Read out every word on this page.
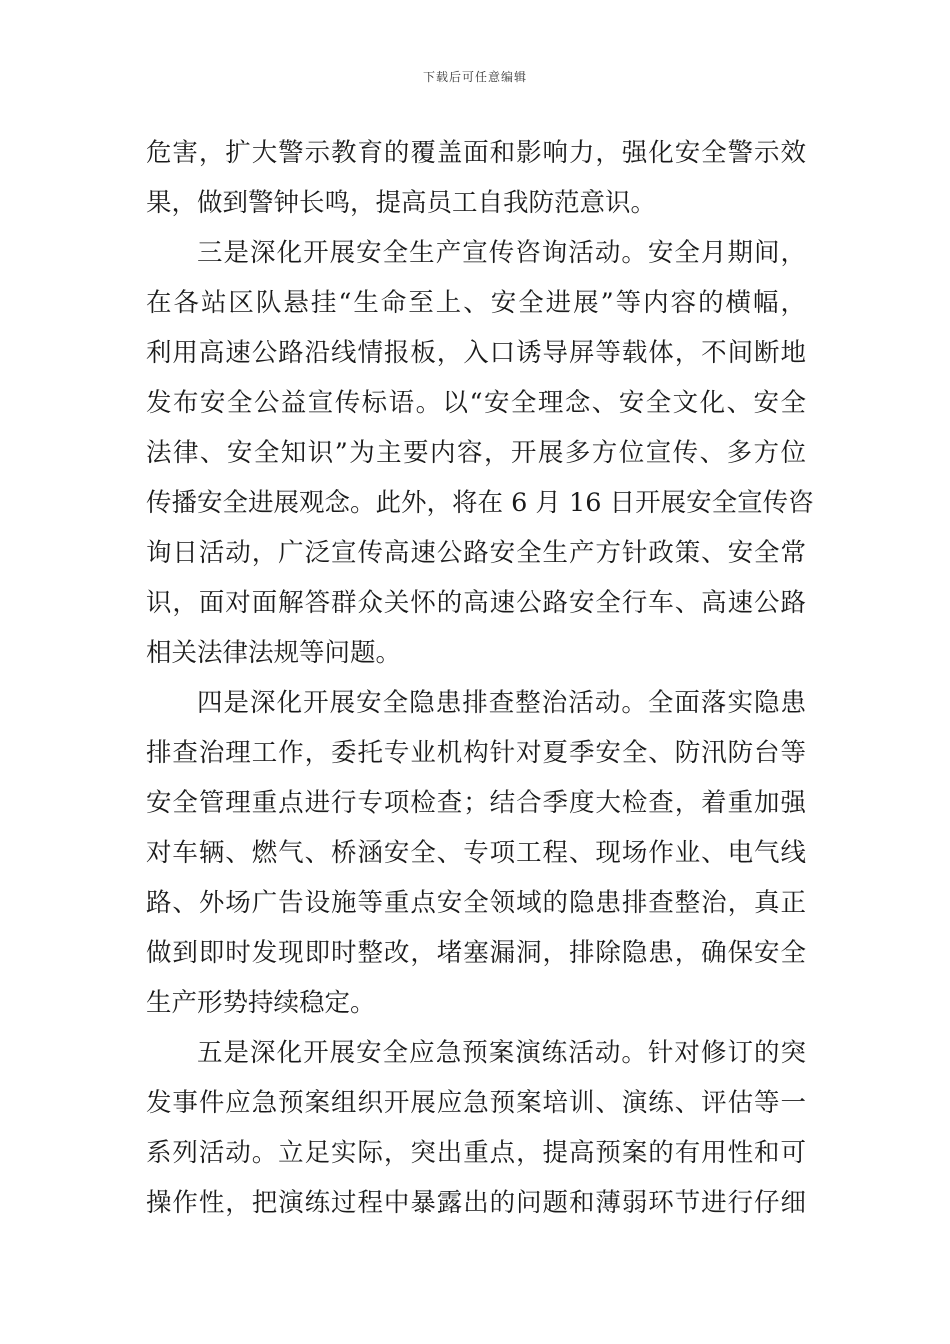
下载后可任意编辑
危害，扩大警示教育的覆盖面和影响力，强化安全警示效
果，做到警钟长鸣，提高员工自我防范意识。
三是深化开展安全生产宣传咨询活动。安全月期间，
在各站区队悬挂“生命至上、安全进展”等内容的横幅，
利用高速公路沿线情报板，入口诱导屏等载体，不间断地
发布安全公益宣传标语。以“安全理念、安全文化、安全
法律、安全知识”为主要内容，开展多方位宣传、多方位
传播安全进展观念。此外，将在 6 月 16 日开展安全宣传咨
询日活动，广泛宣传高速公路安全生产方针政策、安全常
识，面对面解答群众关怀的高速公路安全行车、高速公路
相关法律法规等问题。
四是深化开展安全隐患排查整治活动。全面落实隐患
排查治理工作，委托专业机构针对夏季安全、防汛防台等
安全管理重点进行专项检查；结合季度大检查，着重加强
对车辆、燃气、桥涵安全、专项工程、现场作业、电气线
路、外场广告设施等重点安全领域的隐患排查整治，真正
做到即时发现即时整改，堵塞漏洞，排除隐患，确保安全
生产形势持续稳定。
五是深化开展安全应急预案演练活动。针对修订的突
发事件应急预案组织开展应急预案培训、演练、评估等一
系列活动。立足实际，突出重点，提高预案的有用性和可
操作性，把演练过程中暴露出的问题和薄弱环节进行仔细
